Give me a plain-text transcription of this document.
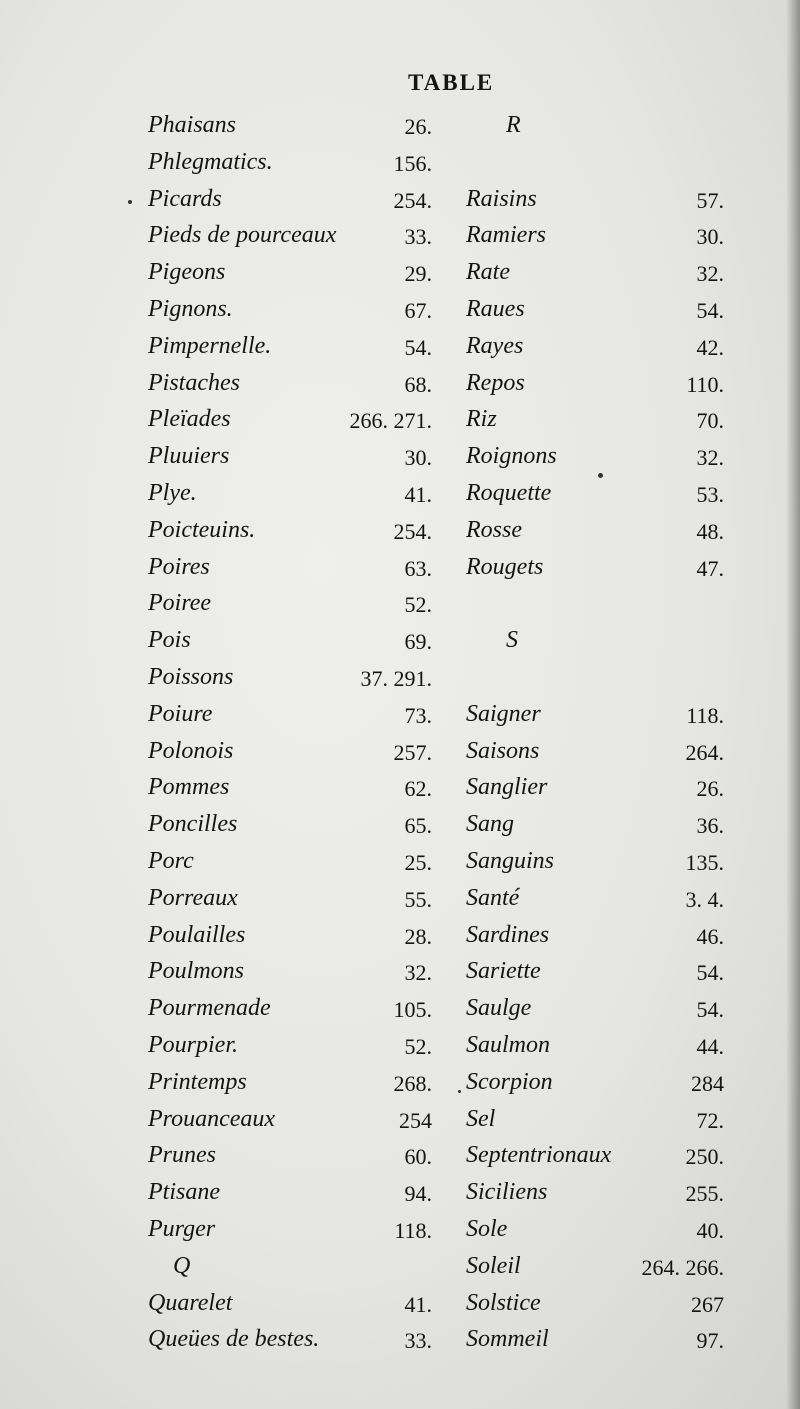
TABLE
Phaisans	26.
Phlegmatics.	156.
Picards	254.
Pieds de pourceaux	33.
Pigeons	29.
Pignons.	67.
Pimpernelle.	54.
Pistaches	68.
Pleïades	266. 271.
Pluuiers	30.
Plye.	41.
Poicteuins.	254.
Poires	63.
Poiree	52.
Pois	69.
Poissons	37. 291.
Poiure	73.
Polonois	257.
Pommes	62.
Poncilles	65.
Porc	25.
Porreaux	55.
Poulailles	28.
Poulmons	32.
Pourmenade	105.
Pourpier.	52.
Printemps	268.
Prouanceaux	254
Prunes	60.
Ptisane	94.
Purger	118.
Q
Quarelet	41.
Queües de bestes.	33.
R
Raisins	57.
Ramiers	30.
Rate	32.
Raues	54.
Rayes	42.
Repos	110.
Riz	70.
Roignons	32.
Roquette	53.
Rosse	48.
Rougets	47.
S
Saigner	118.
Saisons	264.
Sanglier	26.
Sang	36.
Sanguins	135.
Santé	3. 4.
Sardines	46.
Sariette	54.
Saulge	54.
Saulmon	44.
Scorpion	284
Sel	72.
Septentrionaux	250.
Siciliens	255.
Sole	40.
Soleil	264. 266.
Solstice	267
Sommeil	97.
